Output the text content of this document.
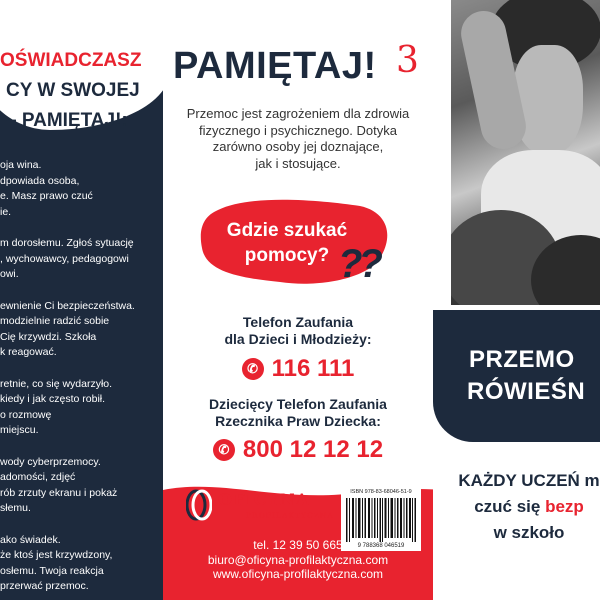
OŚWIADCZASZ
CY W SWOJEJ
– PAMIĘTAJ!:

oja wina.

dpowiada osoba,

e. Masz prawo czuć

ie.

m dorosłemu. Zgłoś sytuację

, wychowawcy, pedagogowi

owi.

ewnienie Ci bezpieczeństwa.

modzielnie radzić sobie

Cię krzywdzi. Szkoła

k reagować.

retnie, co się wydarzyło.

kiedy i jak często robił.

o rozmowę

miejscu.

wody cyberprzemocy.

adomości, zdjęć

rób zrzuty ekranu i pokaż

słemu.

ako świadek.

że ktoś jest krzywdzony,

osłemu. Twoja reakcja

przerwać przemoc.

PAMIĘTAJ! 3

Przemoc jest zagrożeniem dla zdrowia

fizycznego i psychicznego. Dotyka

zarówno osoby jej doznające,

jak i stosujące.

Gdzie szukać

pomocy? ??

Telefon Zaufania

dla Dzieci i Młodzieży:

✆ 116 111

Dziecięcy Telefon Zaufania

Rzecznika Praw Dziecka:

✆ 800 12 12 12
OFICYNA
PROFILAKTYCZNA
ISBN 978-83-68046-51-9
9 788368 046519

tel. 12 39 50 665

biuro@oficyna-profilaktyczna.com

www.oficyna-profilaktyczna.com

PRZEMO
RÓWIEŚN

KAŻDY UCZEŃ m

czuć się bezp

w szkoło
